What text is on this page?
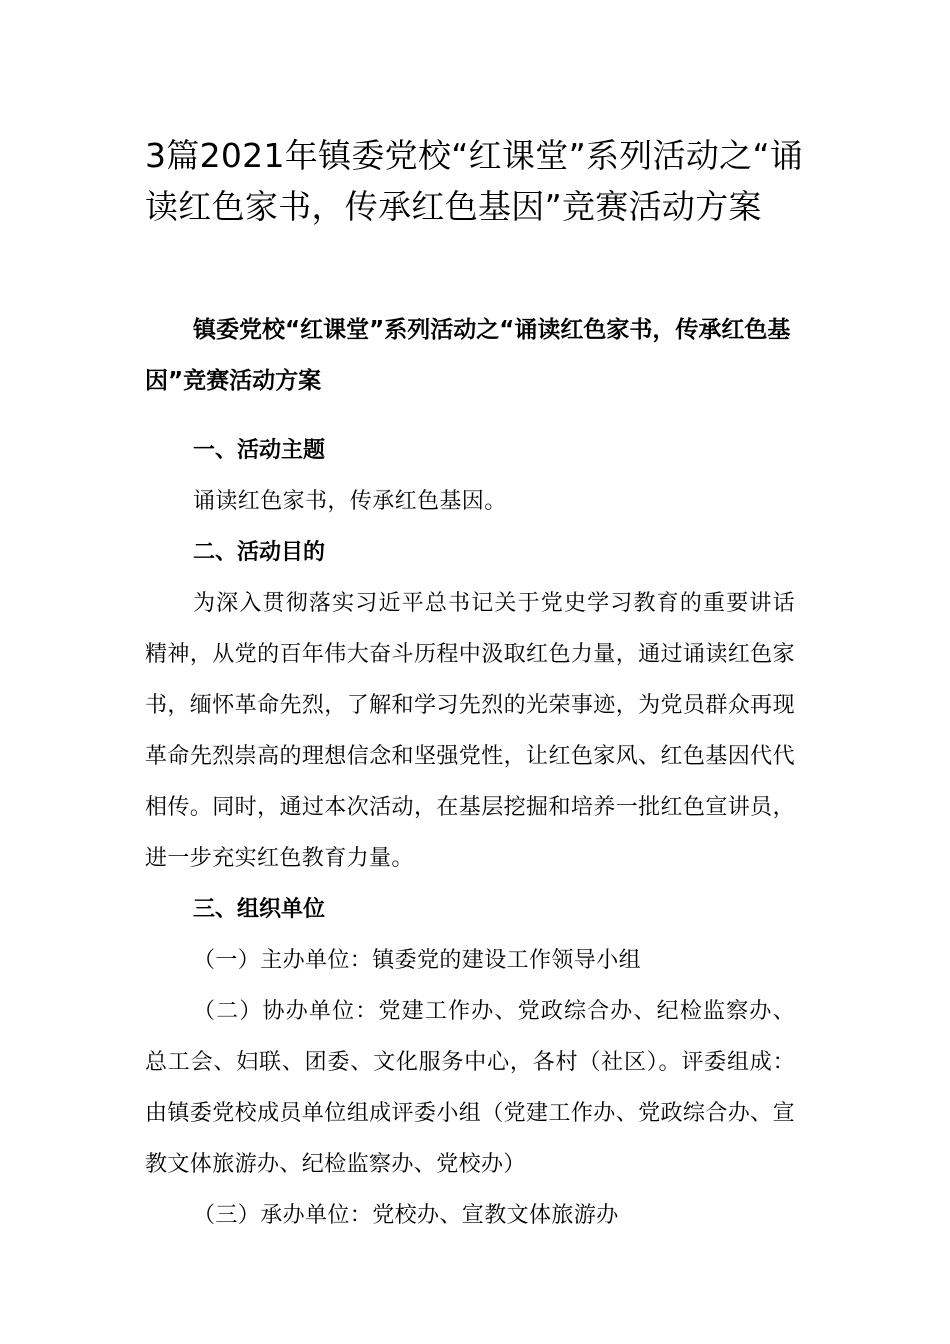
3篇2021年镇委党校“红课堂”系列活动之“诵读红色家书，传承红色基因”竞赛活动方案

镇委党校“红课堂”系列活动之“诵读红色家书，传承红色基因”竞赛活动方案

一、活动主题

诵读红色家书，传承红色基因。

二、活动目的

为深入贯彻落实习近平总书记关于党史学习教育的重要讲话精神，从党的百年伟大奋斗历程中汲取红色力量，通过诵读红色家书，缅怀革命先烈，了解和学习先烈的光荣事迹，为党员群众再现革命先烈崇高的理想信念和坚强党性，让红色家风、红色基因代代相传。同时，通过本次活动，在基层挖掘和培养一批红色宣讲员，进一步充实红色教育力量。

三、组织单位

（一）主办单位：镇委党的建设工作领导小组

（二）协办单位：党建工作办、党政综合办、纪检监察办、总工会、妇联、团委、文化服务中心，各村（社区）。评委组成：由镇委党校成员单位组成评委小组（党建工作办、党政综合办、宣教文体旅游办、纪检监察办、党校办）

（三）承办单位：党校办、宣教文体旅游办
